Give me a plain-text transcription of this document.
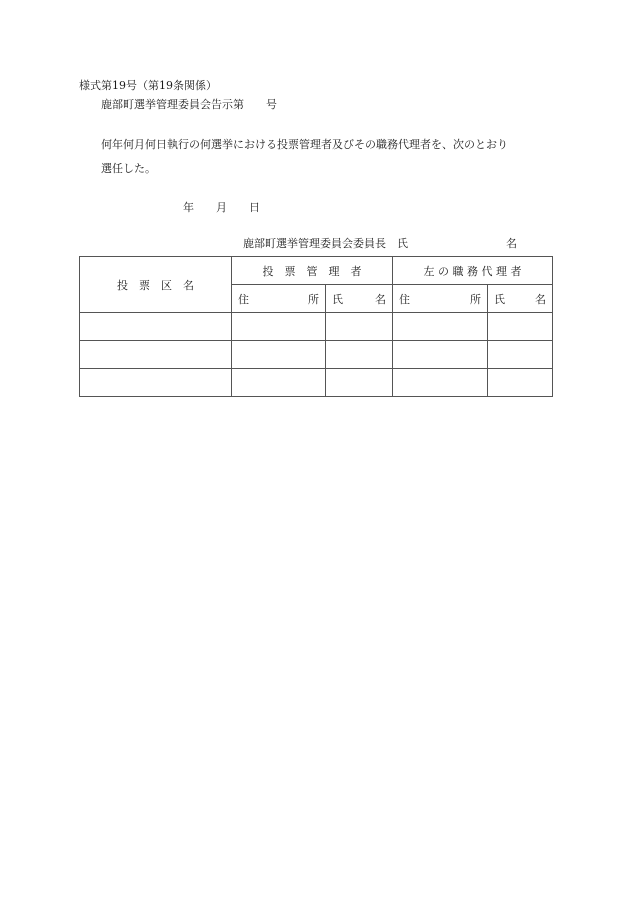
様式第19号（第19条関係）
鹿部町選挙管理委員会告示第　　号
何年何月何日執行の何選挙における投票管理者及びその職務代理者を、次のとおり
選任した。
年　　月　　日
鹿部町選挙管理委員会委員長　氏	名
投　票　区　名	投　票　管　理　者		左 の 職 務 代 理 者	

	住 所	氏 名	住 所	氏 名
